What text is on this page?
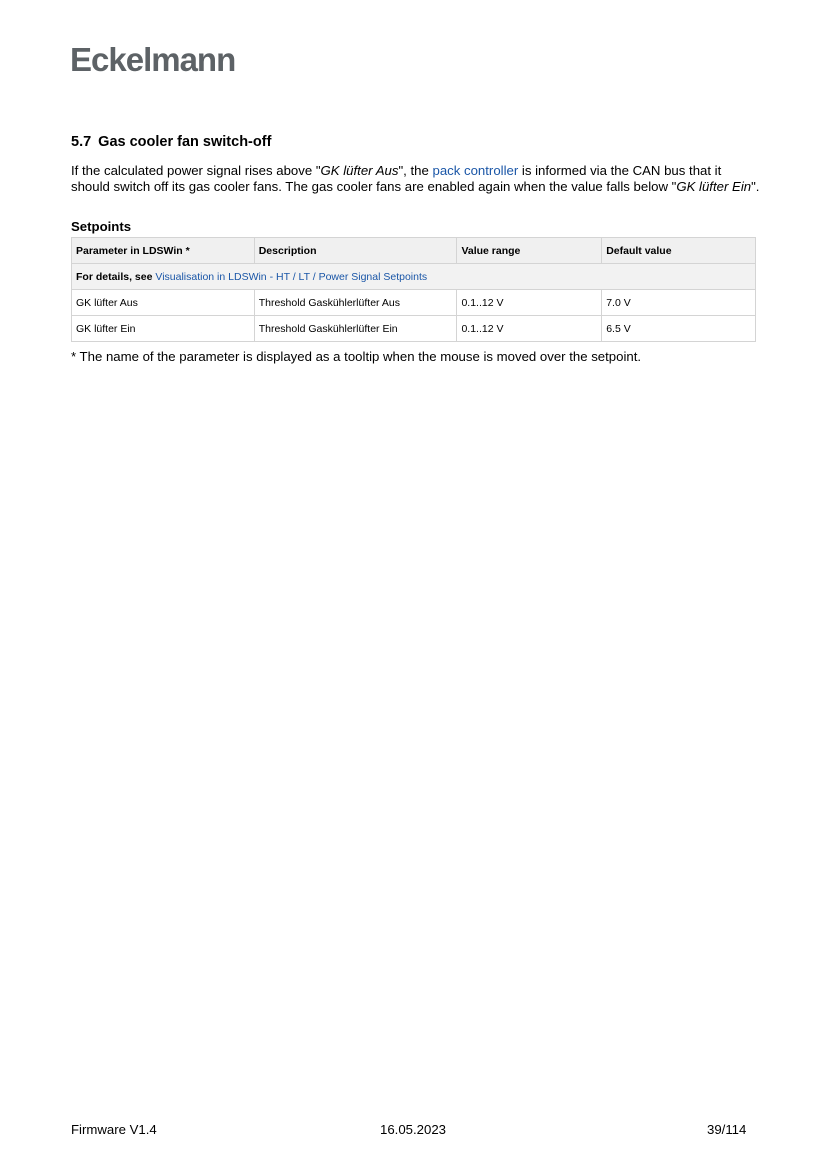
Eckelmann
5.7 Gas cooler fan switch-off
If the calculated power signal rises above "GK lüfter Aus", the pack controller is informed via the CAN bus that it should switch off its gas cooler fans. The gas cooler fans are enabled again when the value falls below "GK lüfter Ein".
Setpoints
Parameter in LDSWin *	Description	Value range	Default value
For details, see Visualisation in LDSWin - HT / LT / Power Signal Setpoints			
GK lüfter Aus	Threshold Gaskühlerlüfter Aus	0.1..12 V	7.0 V
GK lüfter Ein	Threshold Gaskühlerlüfter Ein	0.1..12 V	6.5 V
* The name of the parameter is displayed as a tooltip when the mouse is moved over the setpoint.
Firmware V1.4	16.05.2023	39/114
